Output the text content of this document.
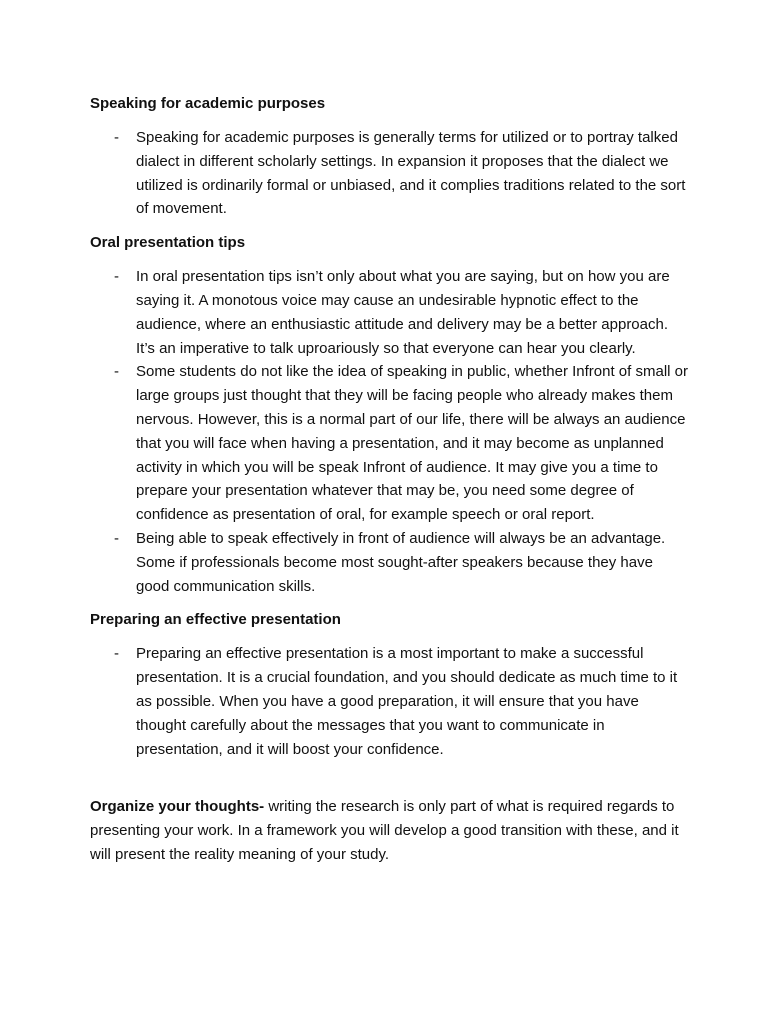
Speaking for academic purposes
- Speaking for academic purposes is generally terms for utilized or to portray talked dialect in different scholarly settings. In expansion it proposes that the dialect we utilized is ordinarily formal or unbiased, and it complies traditions related to the sort of movement.
Oral presentation tips
- In oral presentation tips isn’t only about what you are saying, but on how you are saying it. A monotous voice may cause an undesirable hypnotic effect to the audience, where an enthusiastic attitude and delivery may be a better approach. It’s an imperative to talk uproariously so that everyone can hear you clearly.
- Some students do not like the idea of speaking in public, whether Infront of small or large groups just thought that they will be facing people who already makes them nervous. However, this is a normal part of our life, there will be always an audience that you will face when having a presentation, and it may become as unplanned activity in which you will be speak Infront of audience. It may give you a time to prepare your presentation whatever that may be, you need some degree of confidence as presentation of oral, for example speech or oral report.
- Being able to speak effectively in front of audience will always be an advantage. Some if professionals become most sought-after speakers because they have good communication skills.
Preparing an effective presentation
- Preparing an effective presentation is a most important to make a successful presentation. It is a crucial foundation, and you should dedicate as much time to it as possible. When you have a good preparation, it will ensure that you have thought carefully about the messages that you want to communicate in presentation, and it will boost your confidence.

Organize your thoughts- writing the research is only part of what is required regards to presenting your work. In a framework you will develop a good transition with these, and it will present the reality meaning of your study.
